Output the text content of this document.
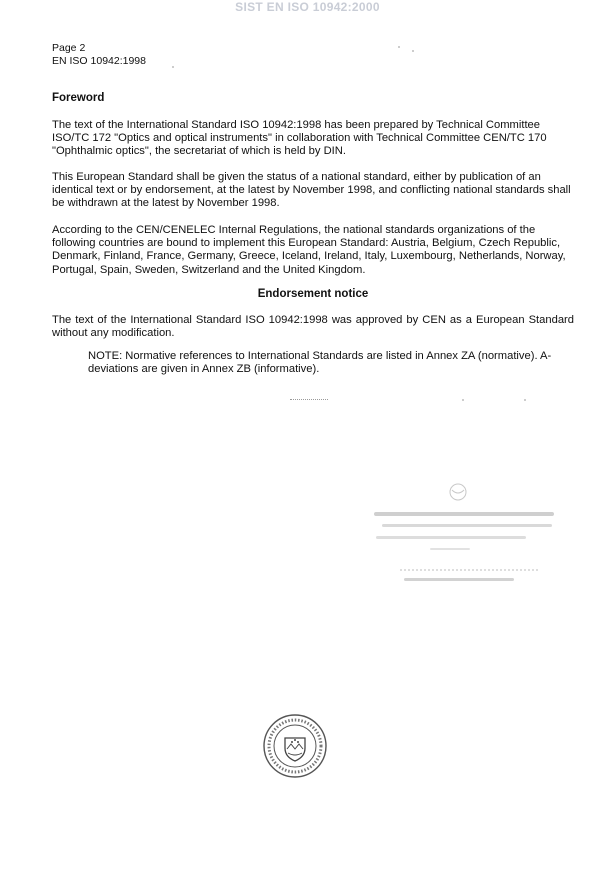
SIST EN ISO 10942:2000
Page 2
EN ISO 10942:1998
Foreword

The text of the International Standard ISO 10942:1998 has been prepared by Technical Committee ISO/TC 172 "Optics and optical instruments" in collaboration with Technical Committee CEN/TC 170 "Ophthalmic optics", the secretariat of which is held by DIN.

This European Standard shall be given the status of a national standard, either by publication of an identical text or by endorsement, at the latest by November 1998, and conflicting national standards shall be withdrawn at the latest by November 1998.

According to the CEN/CENELEC Internal Regulations, the national standards organizations of the following countries are bound to implement this European Standard: Austria, Belgium, Czech Republic, Denmark, Finland, France, Germany, Greece, Iceland, Ireland, Italy, Luxembourg, Netherlands, Norway, Portugal, Spain, Sweden, Switzerland and the United Kingdom.

Endorsement notice

The text of the International Standard ISO 10942:1998 was approved by CEN as a European Standard without any modification.

NOTE: Normative references to International Standards are listed in Annex ZA (normative). A-deviations are given in Annex ZB (informative).
